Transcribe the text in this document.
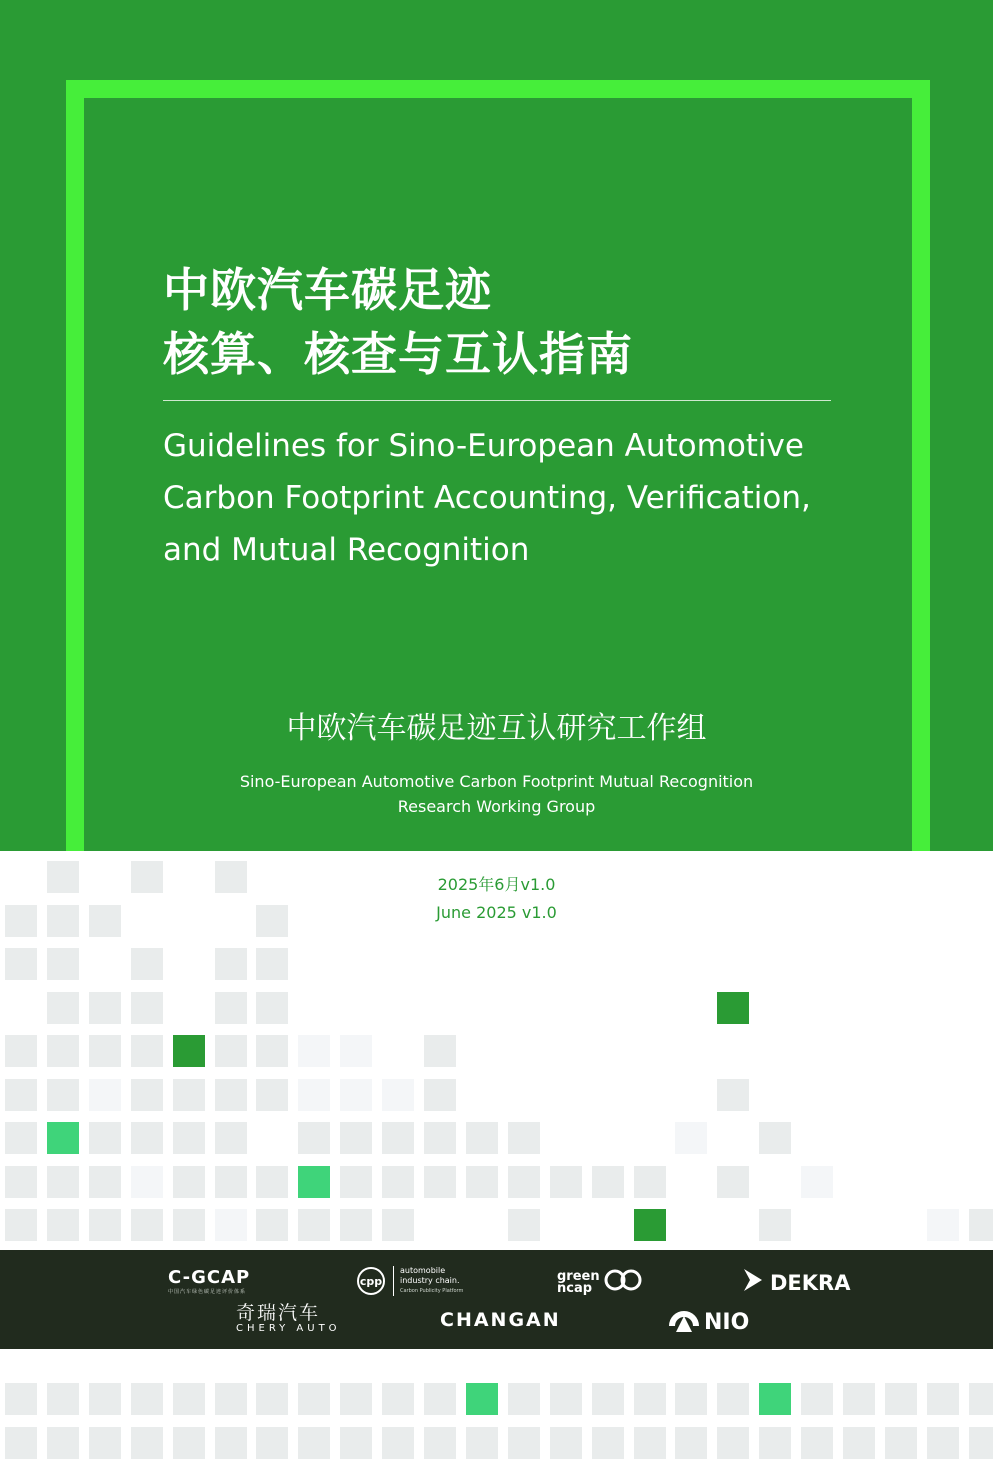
中欧汽车碳足迹
核算、核查与互认指南
Guidelines for Sino-European Automotive Carbon Footprint Accounting, Verification, and Mutual Recognition
中欧汽车碳足迹互认研究工作组
Sino-European Automotive Carbon Footprint Mutual Recognition
Research Working Group
2025年6月v1.0
June 2025 v1.0
C-GCAP
中国汽车绿色碳足迹评价体系
cpp
automobile
industry chain.
Carbon Publicity Platform
green
ncap	DEKRA
奇瑞汽车
CHERY AUTO	CHANGAN	NIO
